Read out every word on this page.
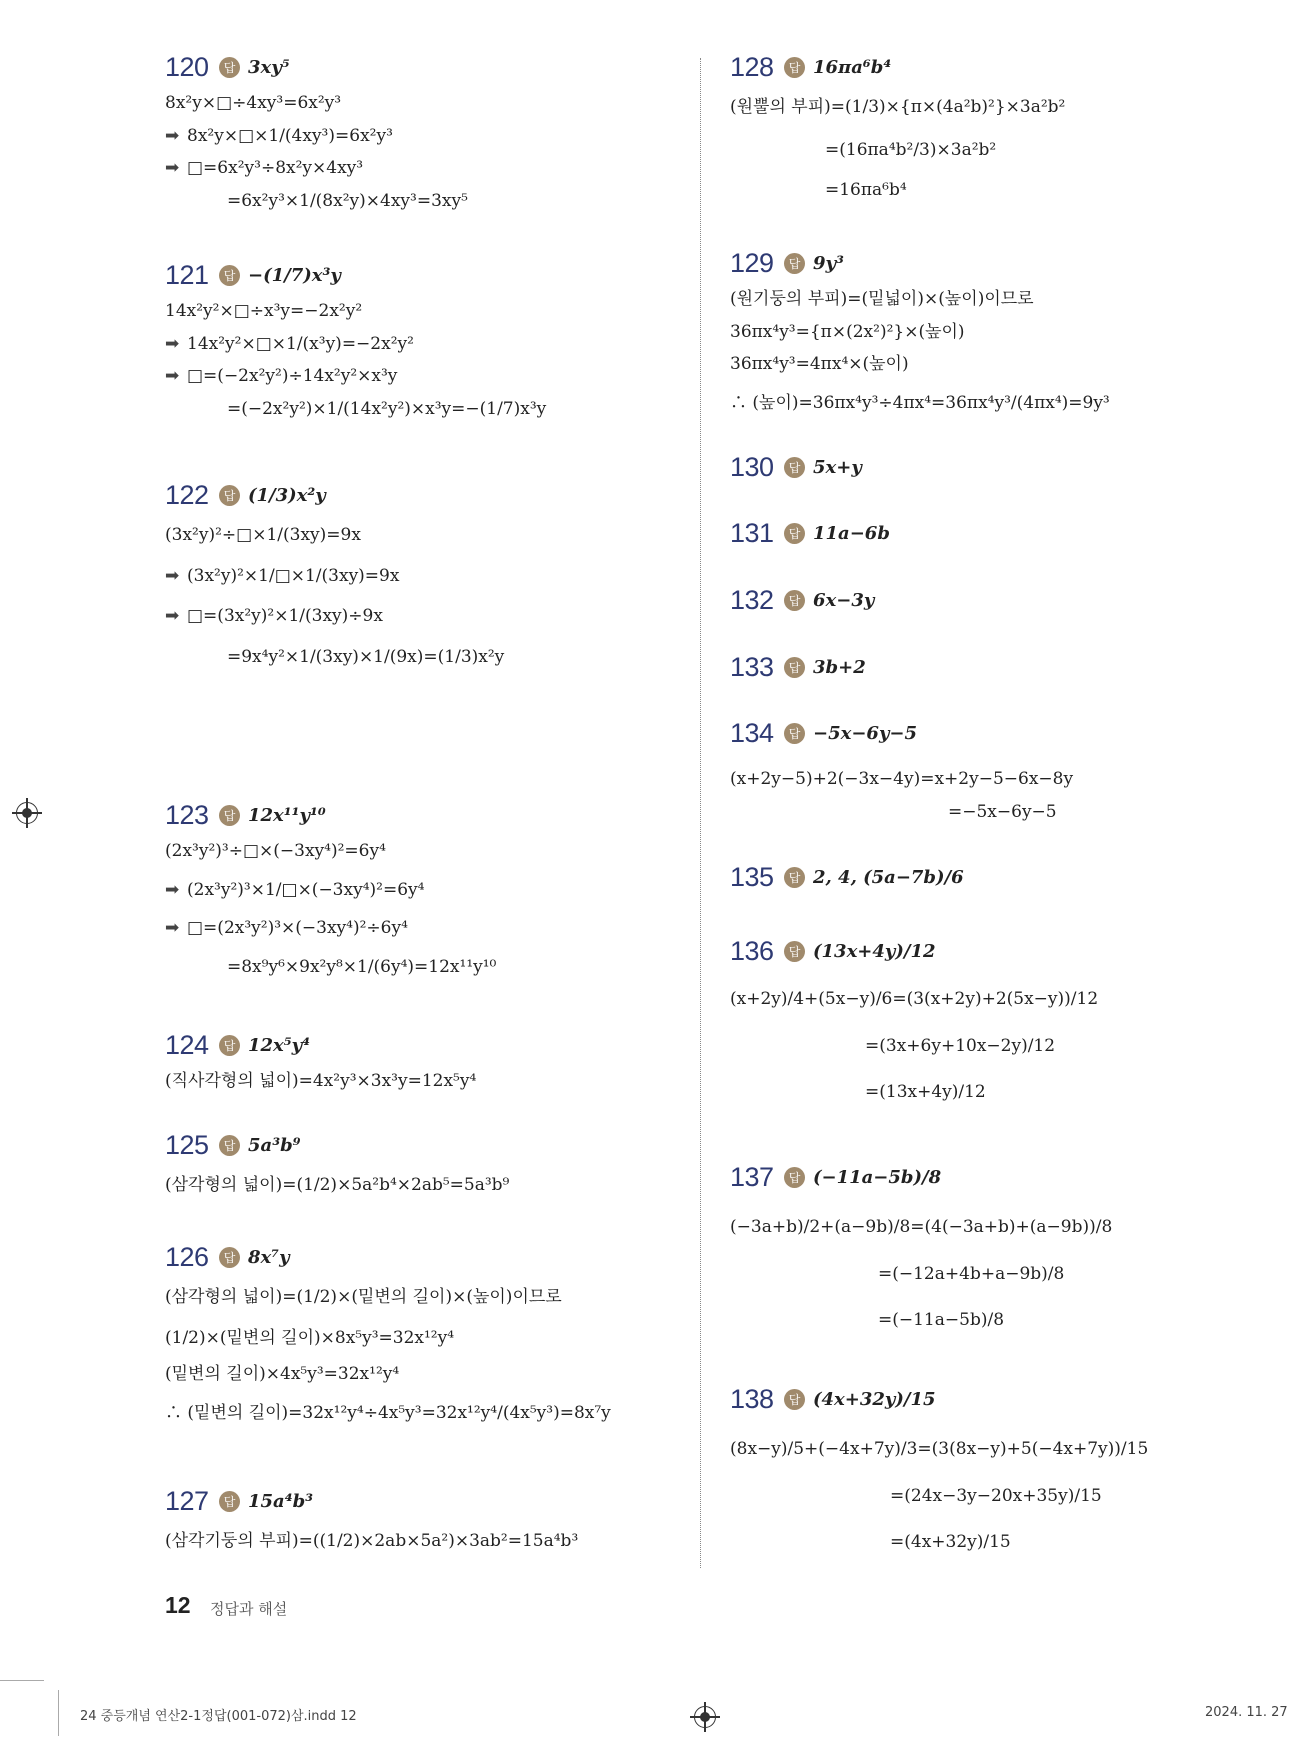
120	답 3xy⁵
8x²y×□÷4xy³=6x²y³
➡ 8x²y×□×1/(4xy³)=6x²y³
➡ □=6x²y³÷8x²y×4xy³
=6x²y³×1/(8x²y)×4xy³=3xy⁵
121	답 −(1/7)x³y
14x²y²×□÷x³y=−2x²y²
➡ 14x²y²×□×1/(x³y)=−2x²y²
➡ □=(−2x²y²)÷14x²y²×x³y
=(−2x²y²)×1/(14x²y²)×x³y=−(1/7)x³y
122	답 (1/3)x²y
(3x²y)²÷□×1/(3xy)=9x
➡ (3x²y)²×1/□×1/(3xy)=9x
➡ □=(3x²y)²×1/(3xy)÷9x
=9x⁴y²×1/(3xy)×1/(9x)=(1/3)x²y
123	답 12x¹¹y¹⁰
(2x³y²)³÷□×(−3xy⁴)²=6y⁴
➡ (2x³y²)³×1/□×(−3xy⁴)²=6y⁴
➡ □=(2x³y²)³×(−3xy⁴)²÷6y⁴
=8x⁹y⁶×9x²y⁸×1/(6y⁴)=12x¹¹y¹⁰
124	답 12x⁵y⁴
(직사각형의 넓이)=4x²y³×3x³y=12x⁵y⁴
125	답 5a³b⁹
(삼각형의 넓이)=(1/2)×5a²b⁴×2ab⁵=5a³b⁹
126	답 8x⁷y
(삼각형의 넓이)=(1/2)×(밑변의 길이)×(높이)이므로
(1/2)×(밑변의 길이)×8x⁵y³=32x¹²y⁴
(밑변의 길이)×4x⁵y³=32x¹²y⁴
∴ (밑변의 길이)=32x¹²y⁴÷4x⁵y³=32x¹²y⁴/(4x⁵y³)=8x⁷y
127	답 15a⁴b³
(삼각기둥의 부피)=((1/2)×2ab×5a²)×3ab²=15a⁴b³
128	답 16πa⁶b⁴
(원뿔의 부피)=(1/3)×{π×(4a²b)²}×3a²b²
=(16πa⁴b²/3)×3a²b²
=16πa⁶b⁴
129	답 9y³
(원기둥의 부피)=(밑넓이)×(높이)이므로
36πx⁴y³={π×(2x²)²}×(높이)
36πx⁴y³=4πx⁴×(높이)
∴ (높이)=36πx⁴y³÷4πx⁴=36πx⁴y³/(4πx⁴)=9y³
130	답 5x+y
131	답 11a−6b
132	답 6x−3y
133	답 3b+2
134	답 −5x−6y−5
(x+2y−5)+2(−3x−4y)=x+2y−5−6x−8y
=−5x−6y−5
135	답 2, 4, (5a−7b)/6
136	답 (13x+4y)/12
(x+2y)/4+(5x−y)/6=(3(x+2y)+2(5x−y))/12
=(3x+6y+10x−2y)/12
=(13x+4y)/12
137	답 (−11a−5b)/8
(−3a+b)/2+(a−9b)/8=(4(−3a+b)+(a−9b))/8
=(−12a+4b+a−9b)/8
=(−11a−5b)/8
138	답 (4x+32y)/15
(8x−y)/5+(−4x+7y)/3=(3(8x−y)+5(−4x+7y))/15
=(24x−3y−20x+35y)/15
=(4x+32y)/15
12 정답과 해설
24 중등개념 연산2-1정답(001-072)삼.indd 12	2024. 11. 27
